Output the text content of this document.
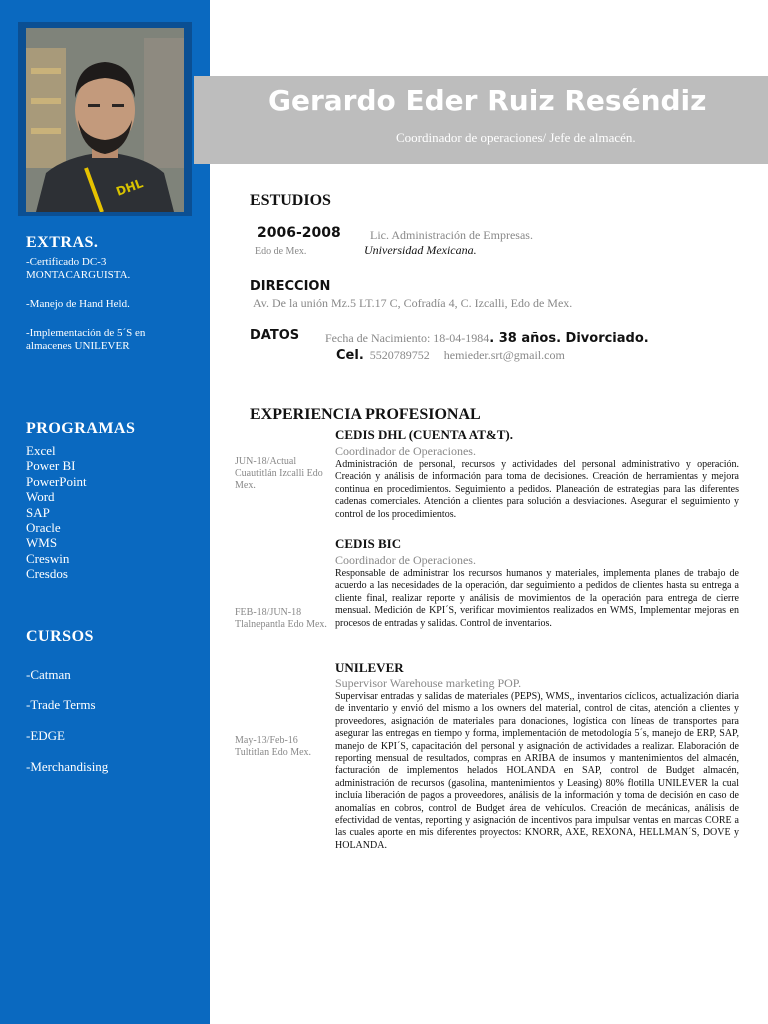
DHL
Gerardo Eder Ruiz Reséndiz
Coordinador de operaciones/ Jefe de almacén.
EXTRAS.
-Certificado DC-3
MONTACARGUISTA.
-Manejo de Hand Held.
-Implementación de 5´S en
almacenes UNILEVER
PROGRAMAS
Excel
Power BI
PowerPoint
Word
SAP
Oracle
WMS
Creswin
Cresdos
CURSOS
-Catman
-Trade Terms
-EDGE
-Merchandising
ESTUDIOS
2006-2008 Lic. Administración de Empresas.
Edo de Mex.	Universidad Mexicana.
DIRECCION
Av. De la unión Mz.5 LT.17 C, Cofradía 4, C. Izcalli, Edo de Mex.
DATOS Fecha de Nacimiento: 18-04-1984. 38 años. Divorciado.
Cel. 5520789752 hemieder.srt@gmail.com
EXPERIENCIA PROFESIONAL
CEDIS DHL (CUENTA AT&T).
Coordinador de Operaciones.
JUN-18/Actual Cuautitlán Izcalli Edo Mex.
Administración de personal, recursos y actividades del personal administrativo y operación. Creación y análisis de información para toma de decisiones. Creación de herramientas y mejora continua en procedimientos. Seguimiento a pedidos. Planeación de estrategias para las diferentes cadenas comerciales. Atención a clientes para solución a desviaciones. Asegurar el seguimiento y control de los procedimientos.
CEDIS BIC
Coordinador de Operaciones.
FEB-18/JUN-18 Tlalnepantla Edo Mex.
Responsable de administrar los recursos humanos y materiales, implementa planes de trabajo de acuerdo a las necesidades de la operación, dar seguimiento a pedidos de clientes hasta su entrega a cliente final, realizar reporte y análisis de movimientos de la operación para entrega de cierre mensual. Medición de KPI´S, verificar movimientos realizados en WMS, Implementar mejoras en procesos de entradas y salidas. Control de inventarios.
UNILEVER
Supervisor Warehouse marketing POP.
May-13/Feb-16 Tultitlan Edo Mex.
Supervisar entradas y salidas de materiales (PEPS), WMS,, inventarios cíclicos, actualización diaria de inventario y envió del mismo a los owners del material, control de citas, atención a clientes y proveedores, asignación de materiales para donaciones, logística con líneas de transportes para asegurar las entregas en tiempo y forma, implementación de metodología 5´s, manejo de ERP, SAP, manejo de KPI´S, capacitación del personal y asignación de actividades a realizar. Elaboración de reporting mensual de resultados, compras en ARIBA de insumos y mantenimientos del almacén, facturación de implementos helados HOLANDA en SAP, control de Budget almacén, administración de recursos (gasolina, mantenimientos y Leasing) 80% flotilla UNILEVER la cual incluía liberación de pagos a proveedores, análisis de la información y toma de decisión en caso de anomalías en cobros, control de Budget área de vehículos. Creación de mecánicas, análisis de efectividad de ventas, reporting y asignación de incentivos para impulsar ventas en marcas CORE a las cuales aporte en mis diferentes proyectos: KNORR, AXE, REXONA, HELLMAN´S, DOVE y HOLANDA.
